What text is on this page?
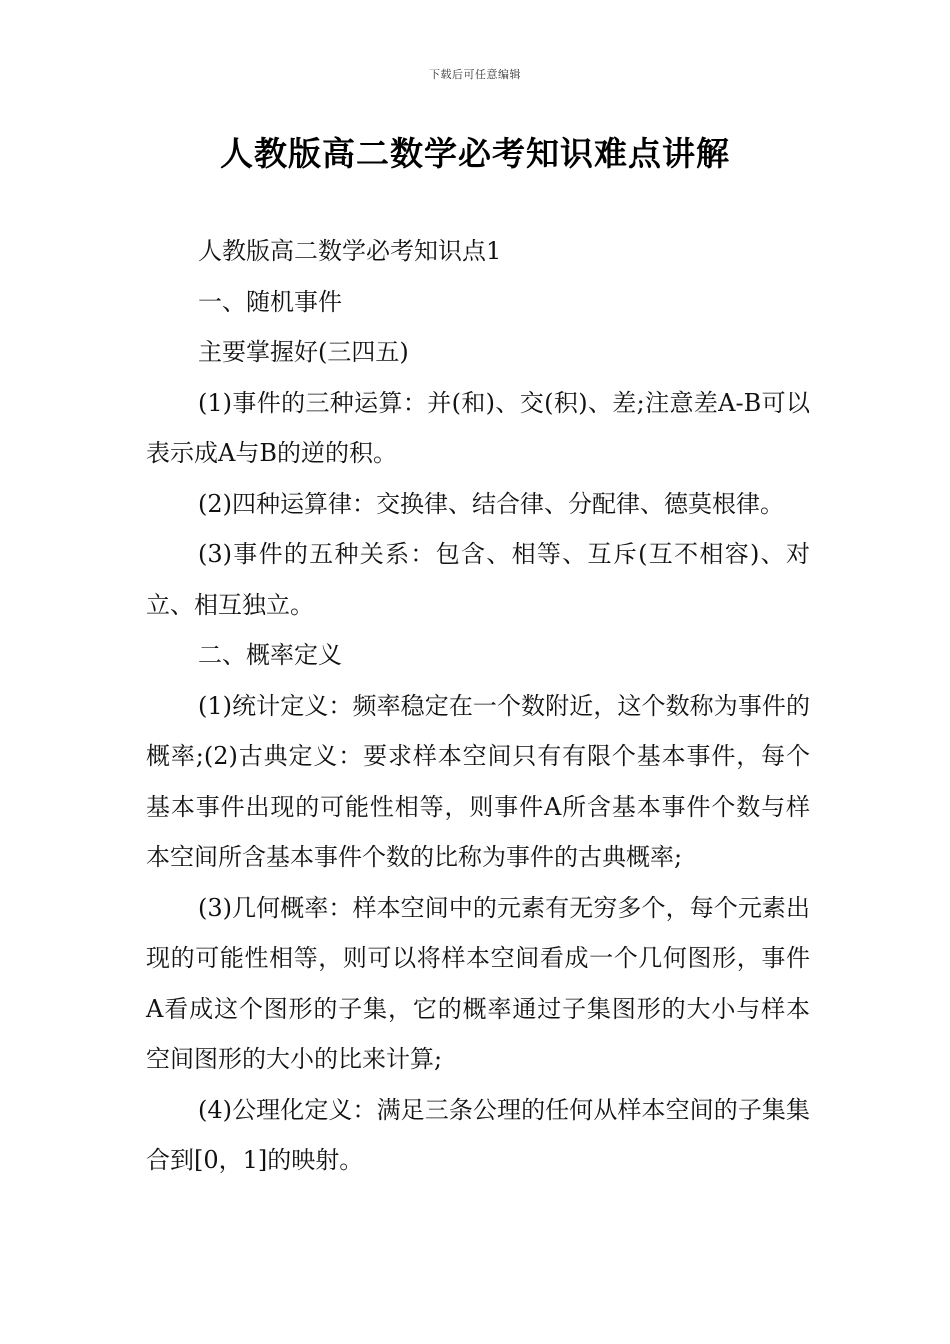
下载后可任意编辑
人教版高二数学必考知识难点讲解

人教版高二数学必考知识点1

一、随机事件

主要掌握好(三四五)

(1)事件的三种运算：并(和)、交(积)、差;注意差A-B可以表示成A与B的逆的积。

(2)四种运算律：交换律、结合律、分配律、德莫根律。

(3)事件的五种关系：包含、相等、互斥(互不相容)、对立、相互独立。

二、概率定义

(1)统计定义：频率稳定在一个数附近，这个数称为事件的概率;(2)古典定义：要求样本空间只有有限个基本事件，每个基本事件出现的可能性相等，则事件A所含基本事件个数与样本空间所含基本事件个数的比称为事件的古典概率;

(3)几何概率：样本空间中的元素有无穷多个，每个元素出现的可能性相等，则可以将样本空间看成一个几何图形，事件A看成这个图形的子集，它的概率通过子集图形的大小与样本空间图形的大小的比来计算;

(4)公理化定义：满足三条公理的任何从样本空间的子集集合到[0，1]的映射。
